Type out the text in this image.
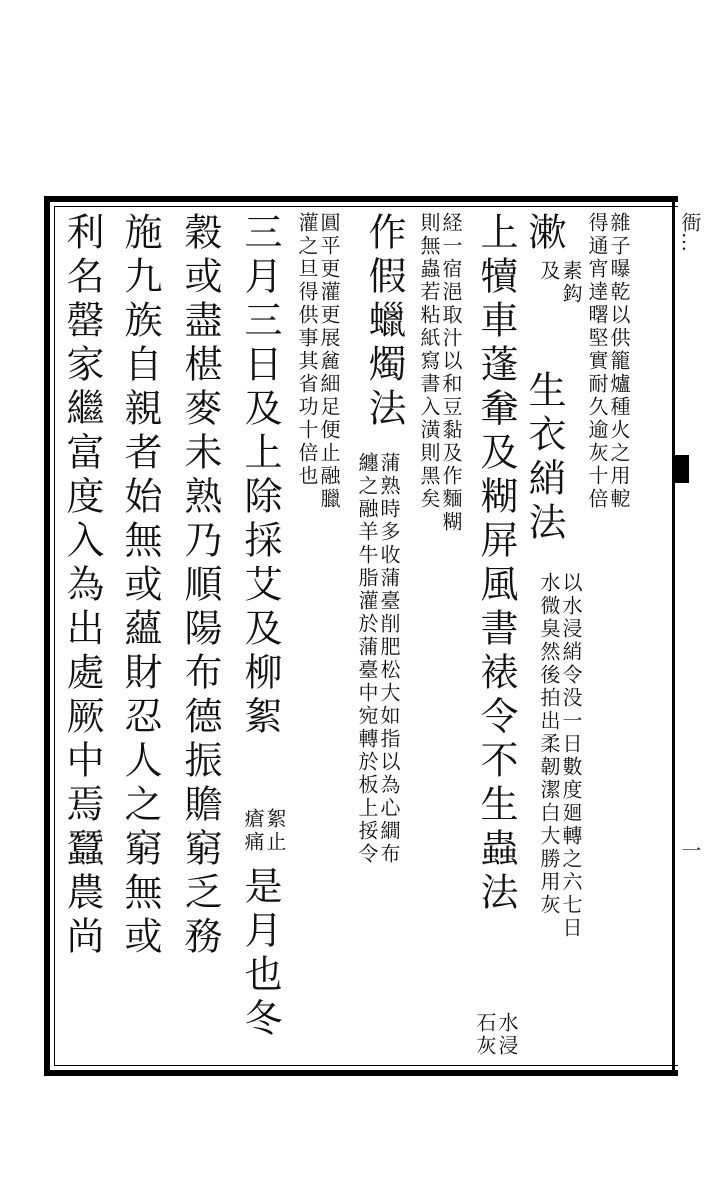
衙…
一
雜子曝乾以供籠爐種火之用軶
得通宵達曙堅實耐久逾灰十倍
漱
素鈎
及
生衣綃法
以水浸綃令没一日數度廻轉之六七日
水微臭然後拍出柔韌潔白大勝用灰
上犢車蓬軬及糊屏風書裱令不生蟲法
水浸
石灰
経一宿浥取汁以和豆黏及作麵糊
則無蟲若粘紙寫書入潢則黑矣
作假蠟燭法
蒲熟時多收蒲臺削肥松大如指以為心繝布
纏之融羊牛脂灌於蒲臺中宛轉於板上挼令
圓平更灌更展麄細足便止融臘
灌之旦得供事其省功十倍也
三月三日及上除採艾及柳絮
絮止
瘡痛
是月也冬
穀或盡椹麥未熟乃順陽布德振贍窮乏務
施九族自親者始無或蘊財忍人之窮無或
利名罄家繼富度入為出處厥中焉蠶農尚
